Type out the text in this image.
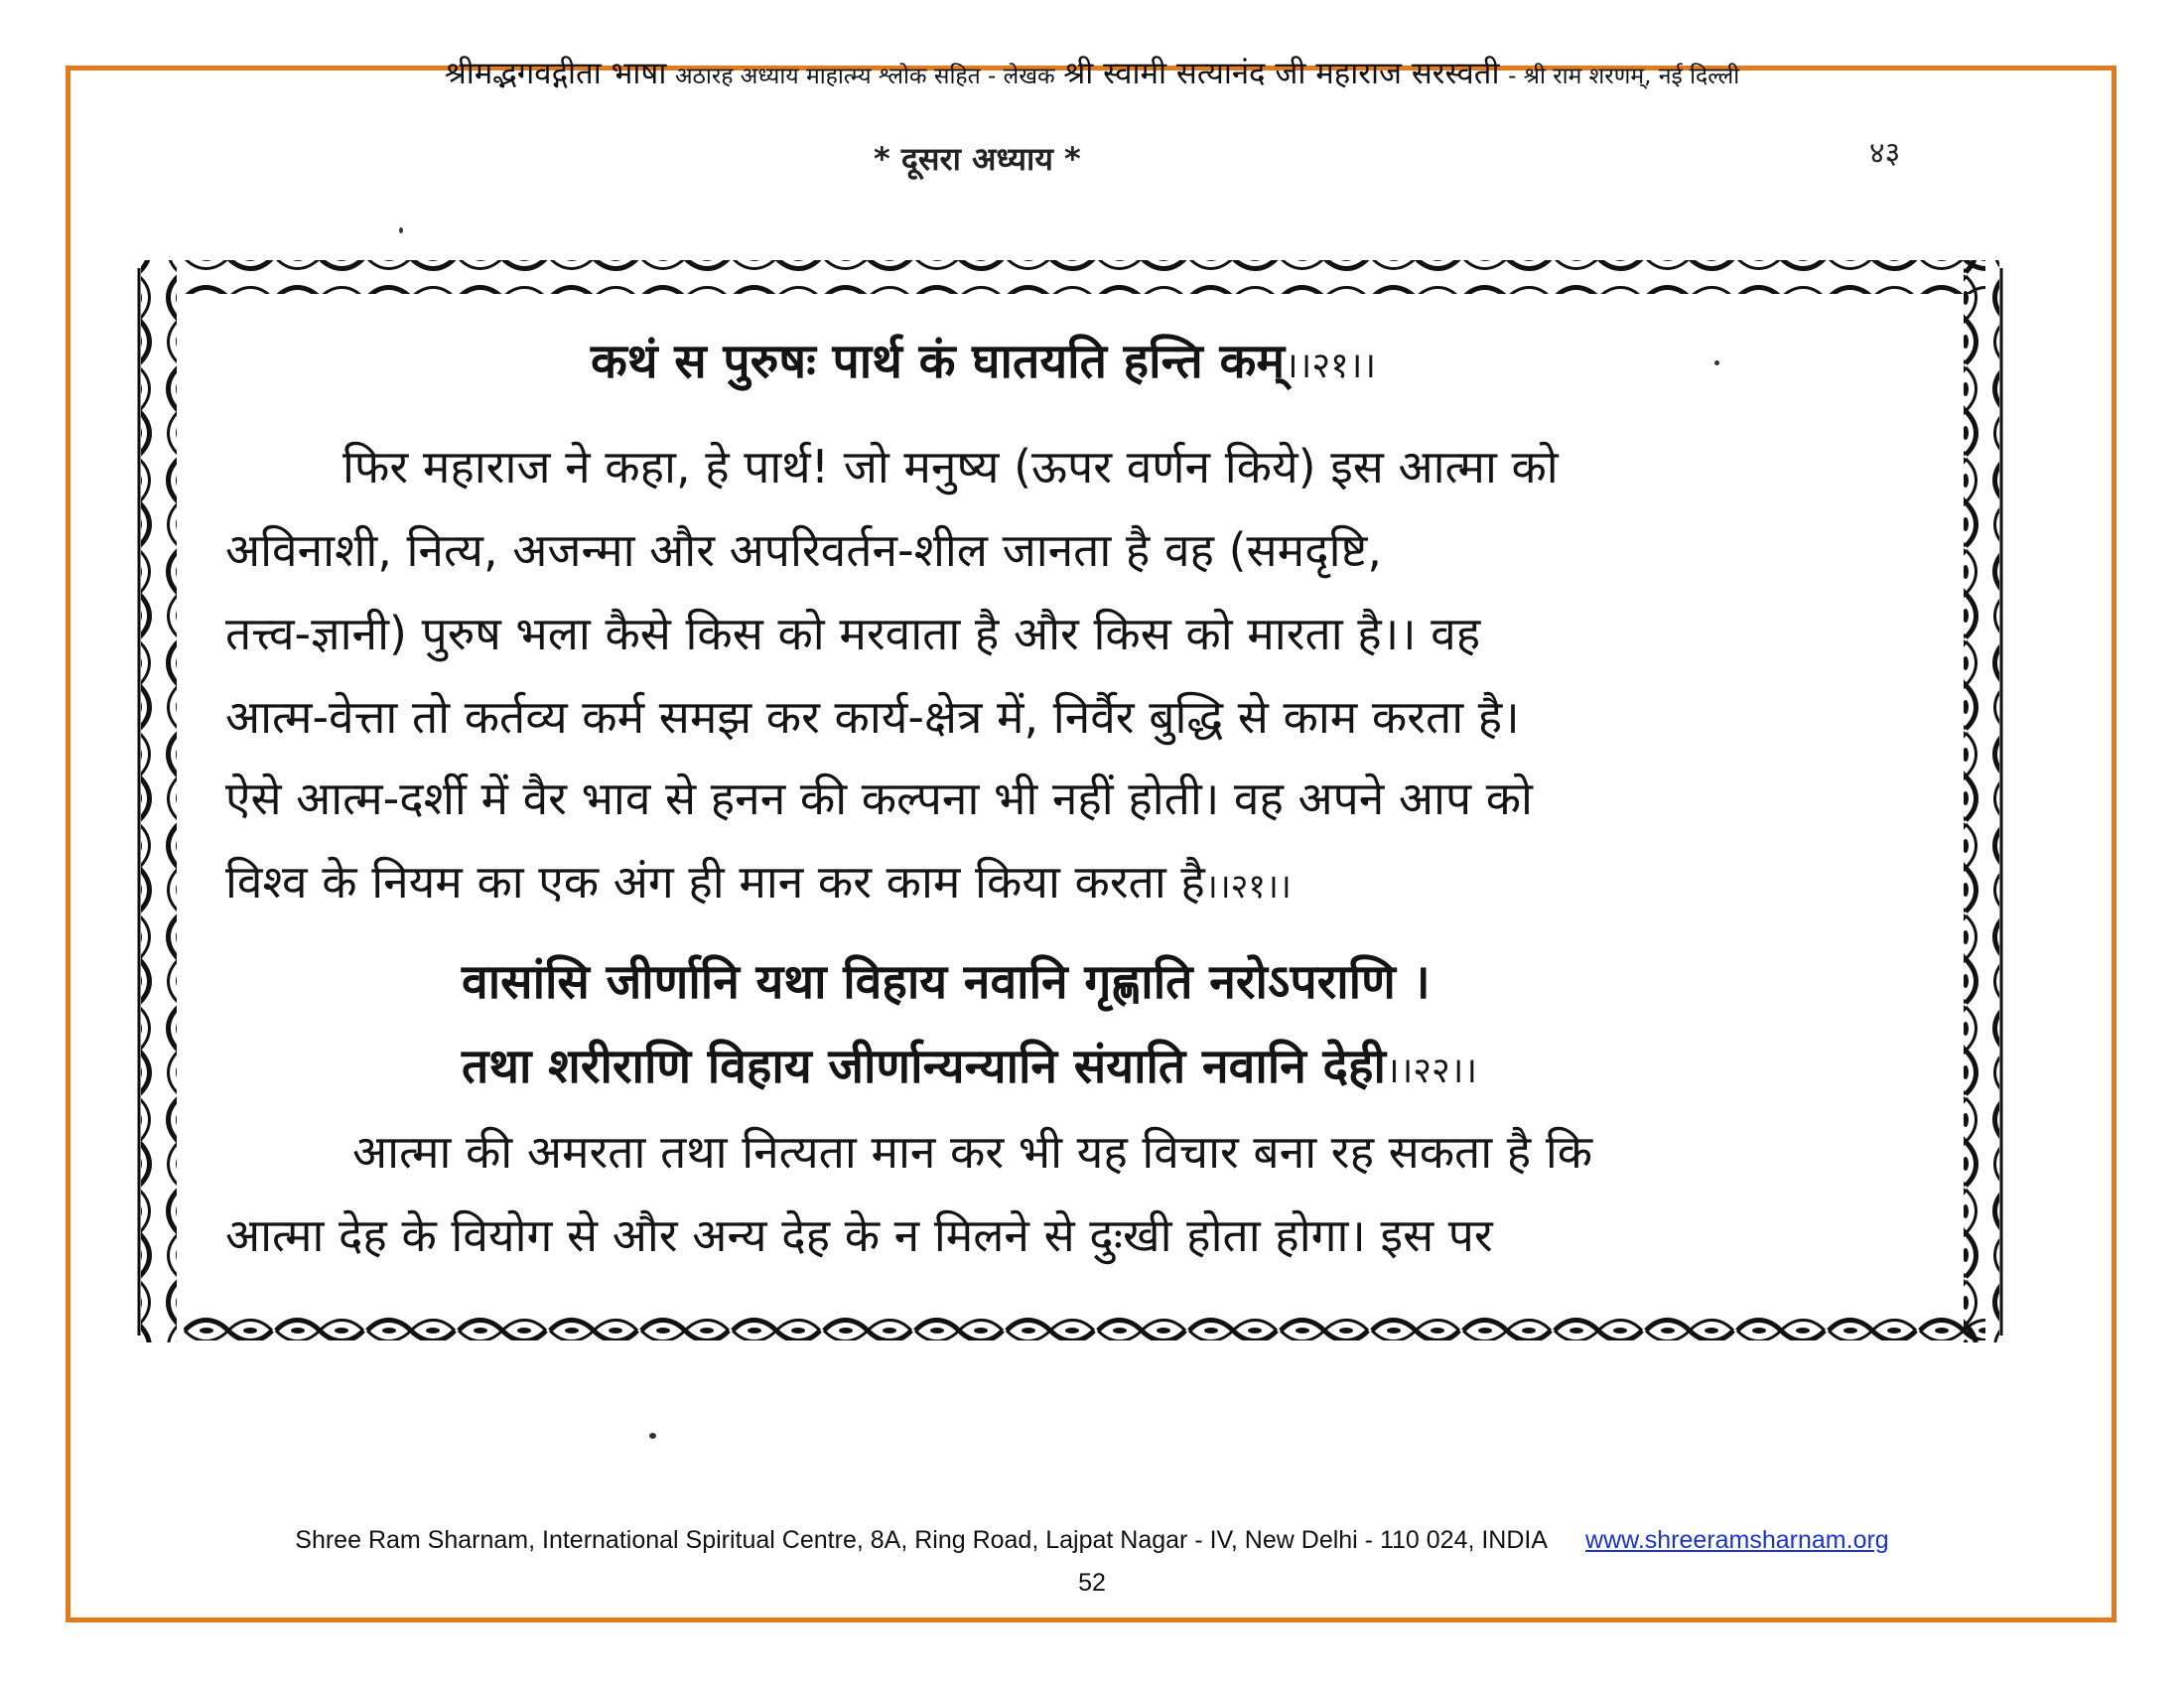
श्रीमद्भगवद्गीता भाषा अठारह अध्याय माहात्म्य श्लोक सहित - लेखक श्री स्वामी सत्यानंद जी महाराज सरस्वती - श्री राम शरणम्, नई दिल्ली
* दूसरा अध्याय *	४३
कथं स पुरुषः पार्थ कं घातयति हन्ति कम्।।२१।।
फिर महाराज ने कहा, हे पार्थ! जो मनुष्य (ऊपर वर्णन किये) इस आत्मा को
अविनाशी, नित्य, अजन्मा और अपरिवर्तन-शील जानता है वह (समदृष्टि,
तत्त्व-ज्ञानी) पुरुष भला कैसे किस को मरवाता है और किस को मारता है।। वह
आत्म-वेत्ता तो कर्तव्य कर्म समझ कर कार्य-क्षेत्र में, निर्वैर बुद्धि से काम करता है।
ऐसे आत्म-दर्शी में वैर भाव से हनन की कल्पना भी नहीं होती। वह अपने आप को
विश्व के नियम का एक अंग ही मान कर काम किया करता है।।२१।।
वासांसि जीर्णानि यथा विहाय नवानि गृह्णाति नरोऽपराणि ।
तथा शरीराणि विहाय जीर्णान्यन्यानि संयाति नवानि देही।।२२।।
आत्मा की अमरता तथा नित्यता मान कर भी यह विचार बना रह सकता है कि
आत्मा देह के वियोग से और अन्य देह के न मिलने से दुःखी होता होगा। इस पर
Shree Ram Sharnam, International Spiritual Centre, 8A, Ring Road, Lajpat Nagar - IV, New Delhi - 110 024, INDIA www.shreeramsharnam.org
52
